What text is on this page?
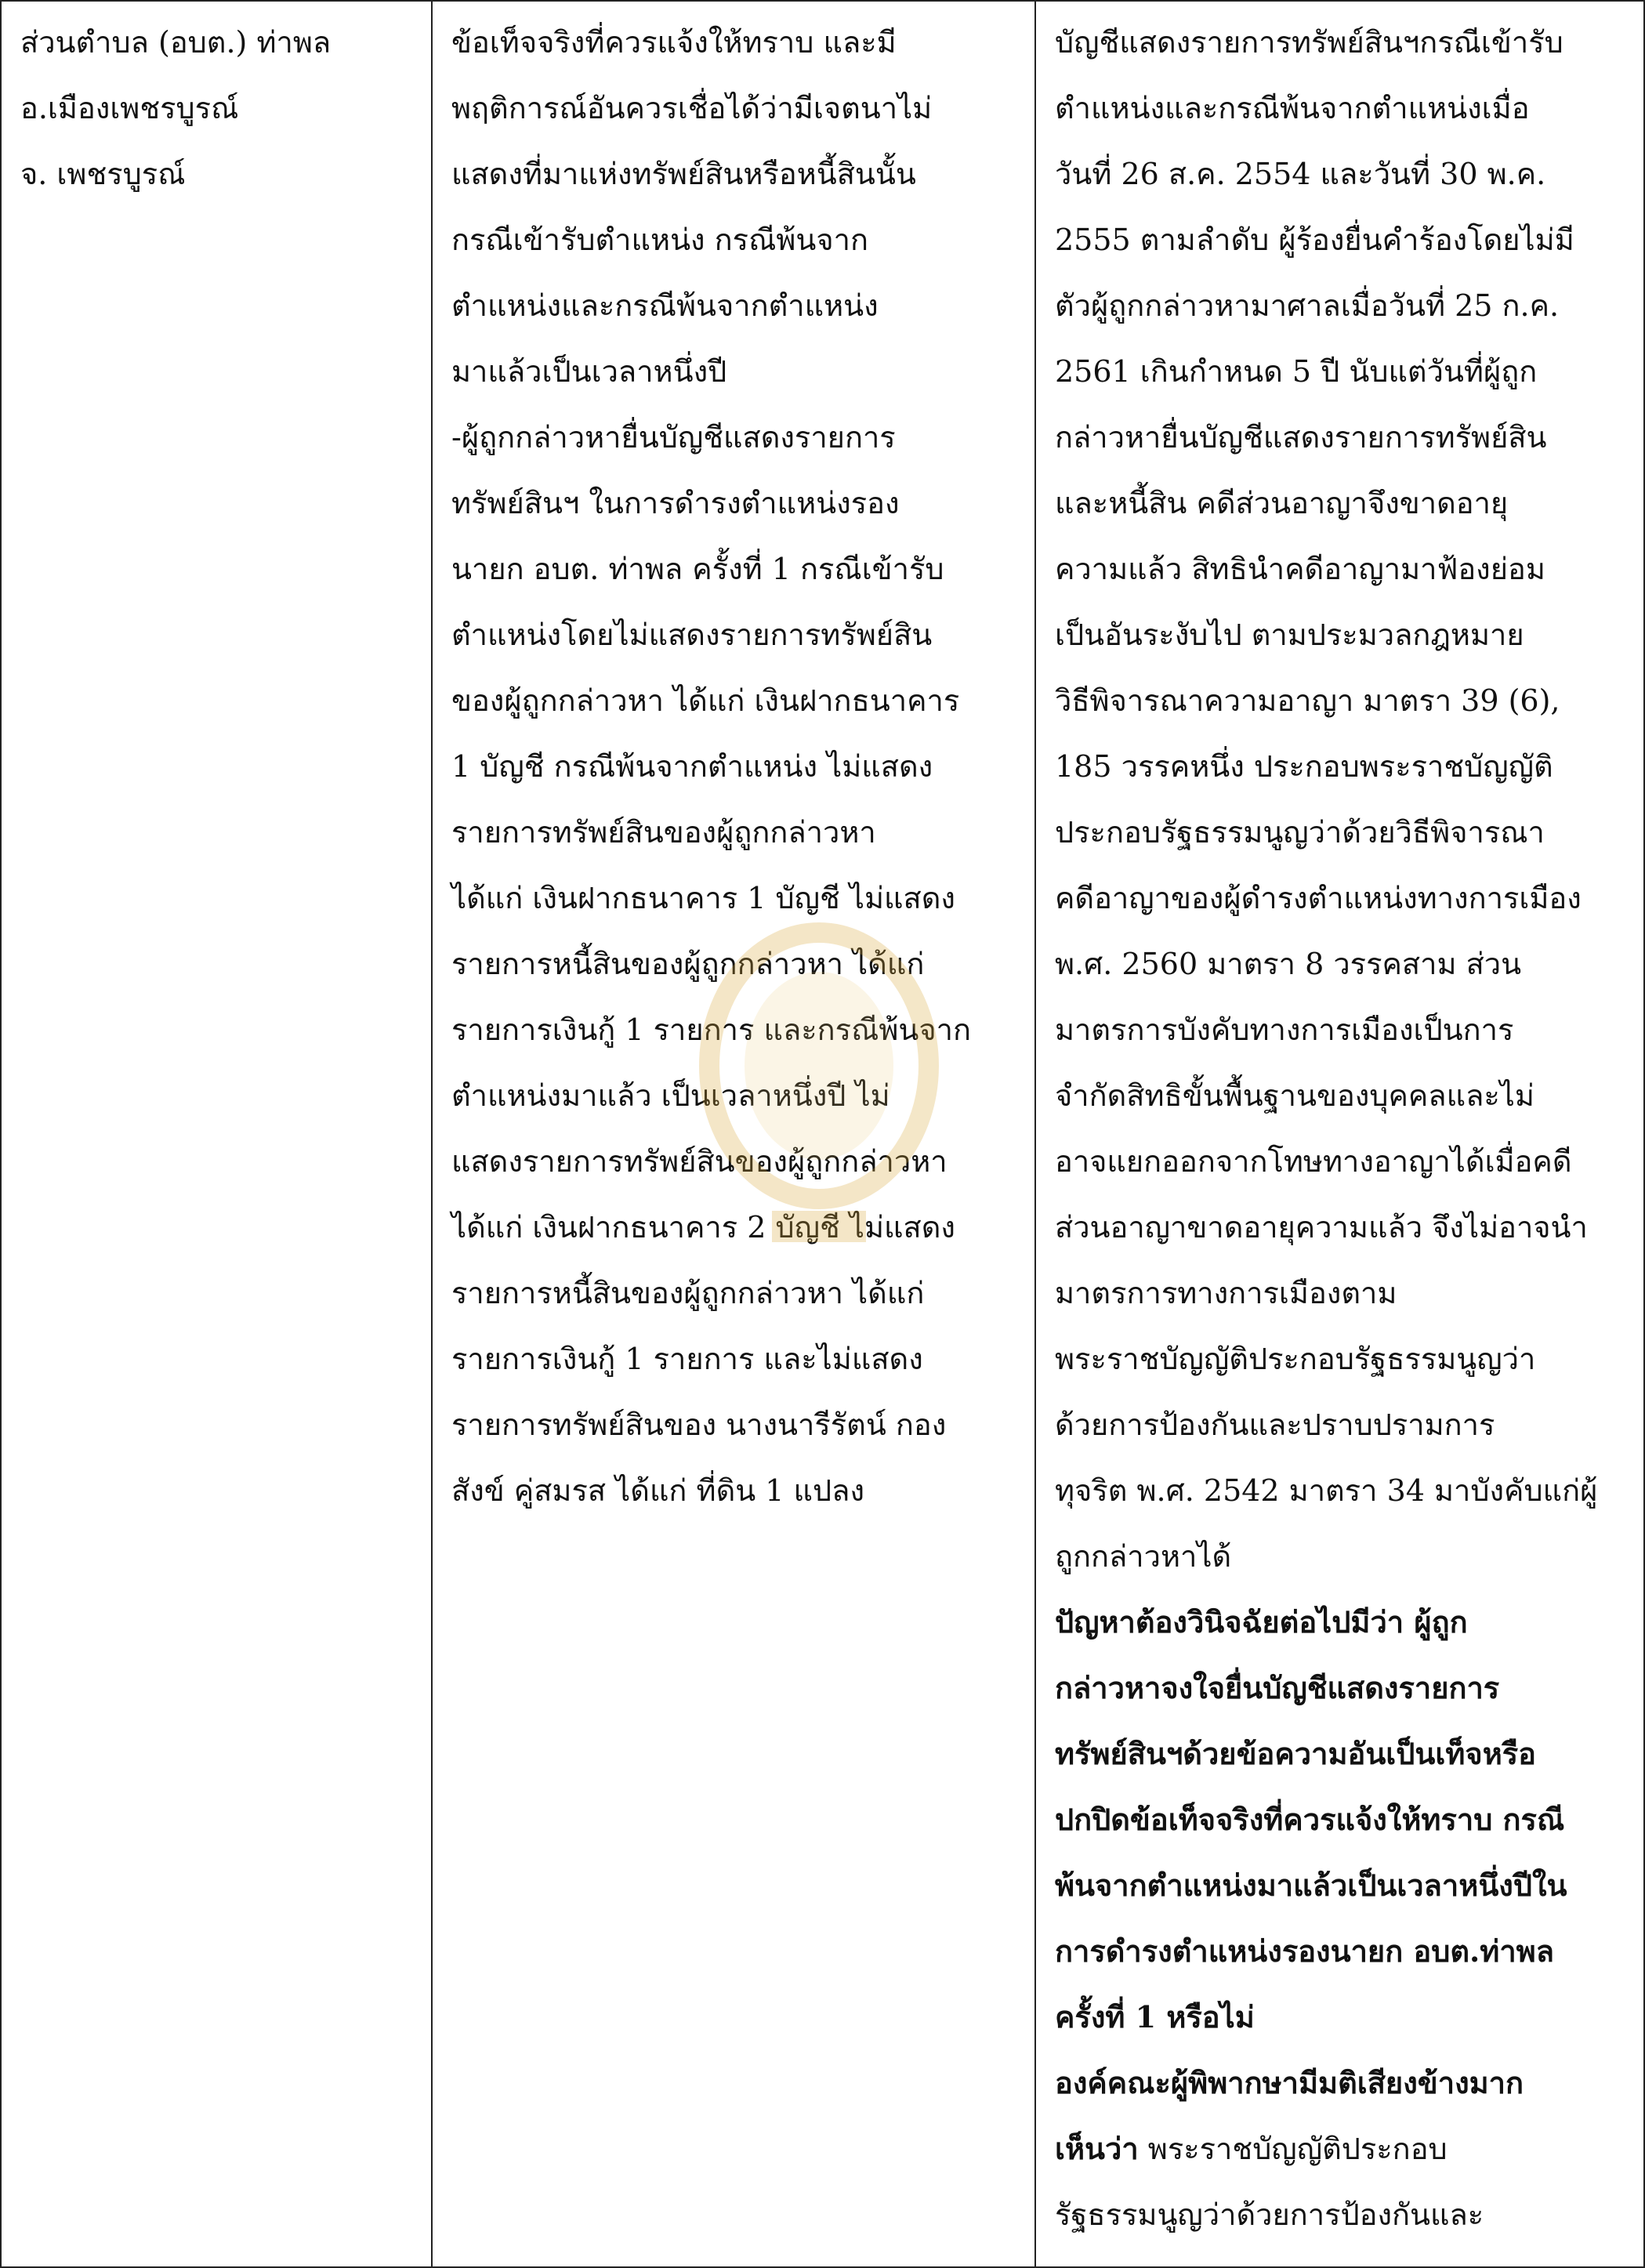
ส่วนตำบล (อบต.) ท่าพล
อ.เมืองเพชรบูรณ์
จ. เพชรบูรณ์

ข้อเท็จจริงที่ควรแจ้งให้ทราบ และมี
พฤติการณ์อันควรเชื่อได้ว่ามีเจตนาไม่
แสดงที่มาแห่งทรัพย์สินหรือหนี้สินนั้น
กรณีเข้ารับตำแหน่ง กรณีพ้นจาก
ตำแหน่งและกรณีพ้นจากตำแหน่ง
มาแล้วเป็นเวลาหนึ่งปี
-ผู้ถูกกล่าวหายื่นบัญชีแสดงรายการ
ทรัพย์สินฯ ในการดำรงตำแหน่งรอง
นายก อบต. ท่าพล ครั้งที่ 1 กรณีเข้ารับ
ตำแหน่งโดยไม่แสดงรายการทรัพย์สิน
ของผู้ถูกกล่าวหา ได้แก่ เงินฝากธนาคาร
1 บัญชี กรณีพ้นจากตำแหน่ง ไม่แสดง
รายการทรัพย์สินของผู้ถูกกล่าวหา
ได้แก่ เงินฝากธนาคาร 1 บัญชี ไม่แสดง
รายการหนี้สินของผู้ถูกกล่าวหา ได้แก่
รายการเงินกู้ 1 รายการ และกรณีพ้นจาก
ตำแหน่งมาแล้ว เป็นเวลาหนึ่งปี ไม่
แสดงรายการทรัพย์สินของผู้ถูกกล่าวหา
ได้แก่ เงินฝากธนาคาร 2 บัญชี ไม่แสดง
รายการหนี้สินของผู้ถูกกล่าวหา ได้แก่
รายการเงินกู้ 1 รายการ และไม่แสดง
รายการทรัพย์สินของ นางนารีรัตน์ กอง
สังข์ คู่สมรส ได้แก่ ที่ดิน 1 แปลง

บัญชีแสดงรายการทรัพย์สินฯกรณีเข้ารับ
ตำแหน่งและกรณีพ้นจากตำแหน่งเมื่อ
วันที่ 26 ส.ค. 2554 และวันที่ 30 พ.ค.
2555 ตามลำดับ ผู้ร้องยื่นคำร้องโดยไม่มี
ตัวผู้ถูกกล่าวหามาศาลเมื่อวันที่ 25 ก.ค.
2561 เกินกำหนด 5 ปี นับแต่วันที่ผู้ถูก
กล่าวหายื่นบัญชีแสดงรายการทรัพย์สิน
และหนี้สิน คดีส่วนอาญาจึงขาดอายุ
ความแล้ว สิทธินำคดีอาญามาฟ้องย่อม
เป็นอันระงับไป ตามประมวลกฎหมาย
วิธีพิจารณาความอาญา มาตรา 39 (6),
185 วรรคหนึ่ง ประกอบพระราชบัญญัติ
ประกอบรัฐธรรมนูญว่าด้วยวิธีพิจารณา
คดีอาญาของผู้ดำรงตำแหน่งทางการเมือง
พ.ศ. 2560 มาตรา 8 วรรคสาม ส่วน
มาตรการบังคับทางการเมืองเป็นการ
จำกัดสิทธิขั้นพื้นฐานของบุคคลและไม่
อาจแยกออกจากโทษทางอาญาได้เมื่อคดี
ส่วนอาญาขาดอายุความแล้ว จึงไม่อาจนำ
มาตรการทางการเมืองตาม
พระราชบัญญัติประกอบรัฐธรรมนูญว่า
ด้วยการป้องกันและปราบปรามการ
ทุจริต พ.ศ. 2542 มาตรา 34 มาบังคับแก่ผู้
ถูกกล่าวหาได้
ปัญหาต้องวินิจฉัยต่อไปมีว่า ผู้ถูก
กล่าวหาจงใจยื่นบัญชีแสดงรายการ
ทรัพย์สินฯด้วยข้อความอันเป็นเท็จหรือ
ปกปิดข้อเท็จจริงที่ควรแจ้งให้ทราบ กรณี
พ้นจากตำแหน่งมาแล้วเป็นเวลาหนึ่งปีใน
การดำรงตำแหน่งรองนายก อบต.ท่าพล
ครั้งที่ 1 หรือไม่
องค์คณะผู้พิพากษามีมติเสียงข้างมาก
เห็นว่า พระราชบัญญัติประกอบ
รัฐธรรมนูญว่าด้วยการป้องกันและ
